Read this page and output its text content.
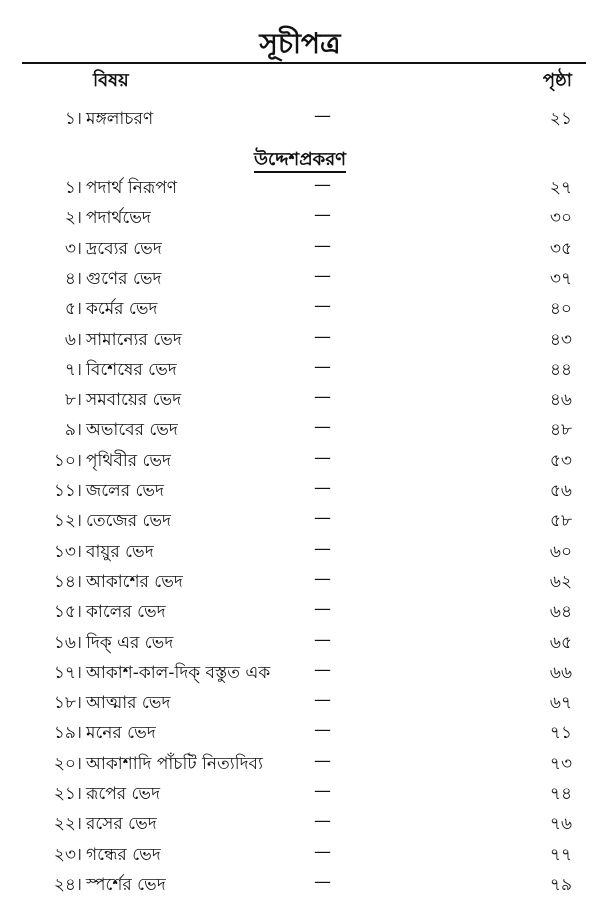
সূচীপত্র
বিষয়	পৃষ্ঠা
১। মঙ্গলাচরণ	—	২১
উদ্দেশপ্রকরণ
১। পদার্থ নিরূপণ	—	২৭
২। পদার্থভেদ	—	৩০
৩। দ্রব্যের ভেদ	—	৩৫
৪। গুণের ভেদ	—	৩৭
৫। কর্মের ভেদ	—	৪০
৬। সামান্যের ভেদ	—	৪৩
৭। বিশেষের ভেদ	—	৪৪
৮। সমবায়ের ভেদ	—	৪৬
৯। অভাবের ভেদ	—	৪৮
১০। পৃথিবীর ভেদ	—	৫৩
১১। জলের ভেদ	—	৫৬
১২। তেজের ভেদ	—	৫৮
১৩। বায়ুর ভেদ	—	৬০
১৪। আকাশের ভেদ	—	৬২
১৫। কালের ভেদ	—	৬৪
১৬। দিক্ এর ভেদ	—	৬৫
১৭। আকাশ-কাল-দিক্ বস্তুত এক	—	৬৬
১৮। আত্মার ভেদ	—	৬৭
১৯। মনের ভেদ	—	৭১
২০। আকাশাদি পাঁচটি নিত্যদিব্য	—	৭৩
২১। রূপের ভেদ	—	৭৪
২২। রসের ভেদ	—	৭৬
২৩। গন্ধের ভেদ	—	৭৭
২৪। স্পর্শের ভেদ	—	৭৯
